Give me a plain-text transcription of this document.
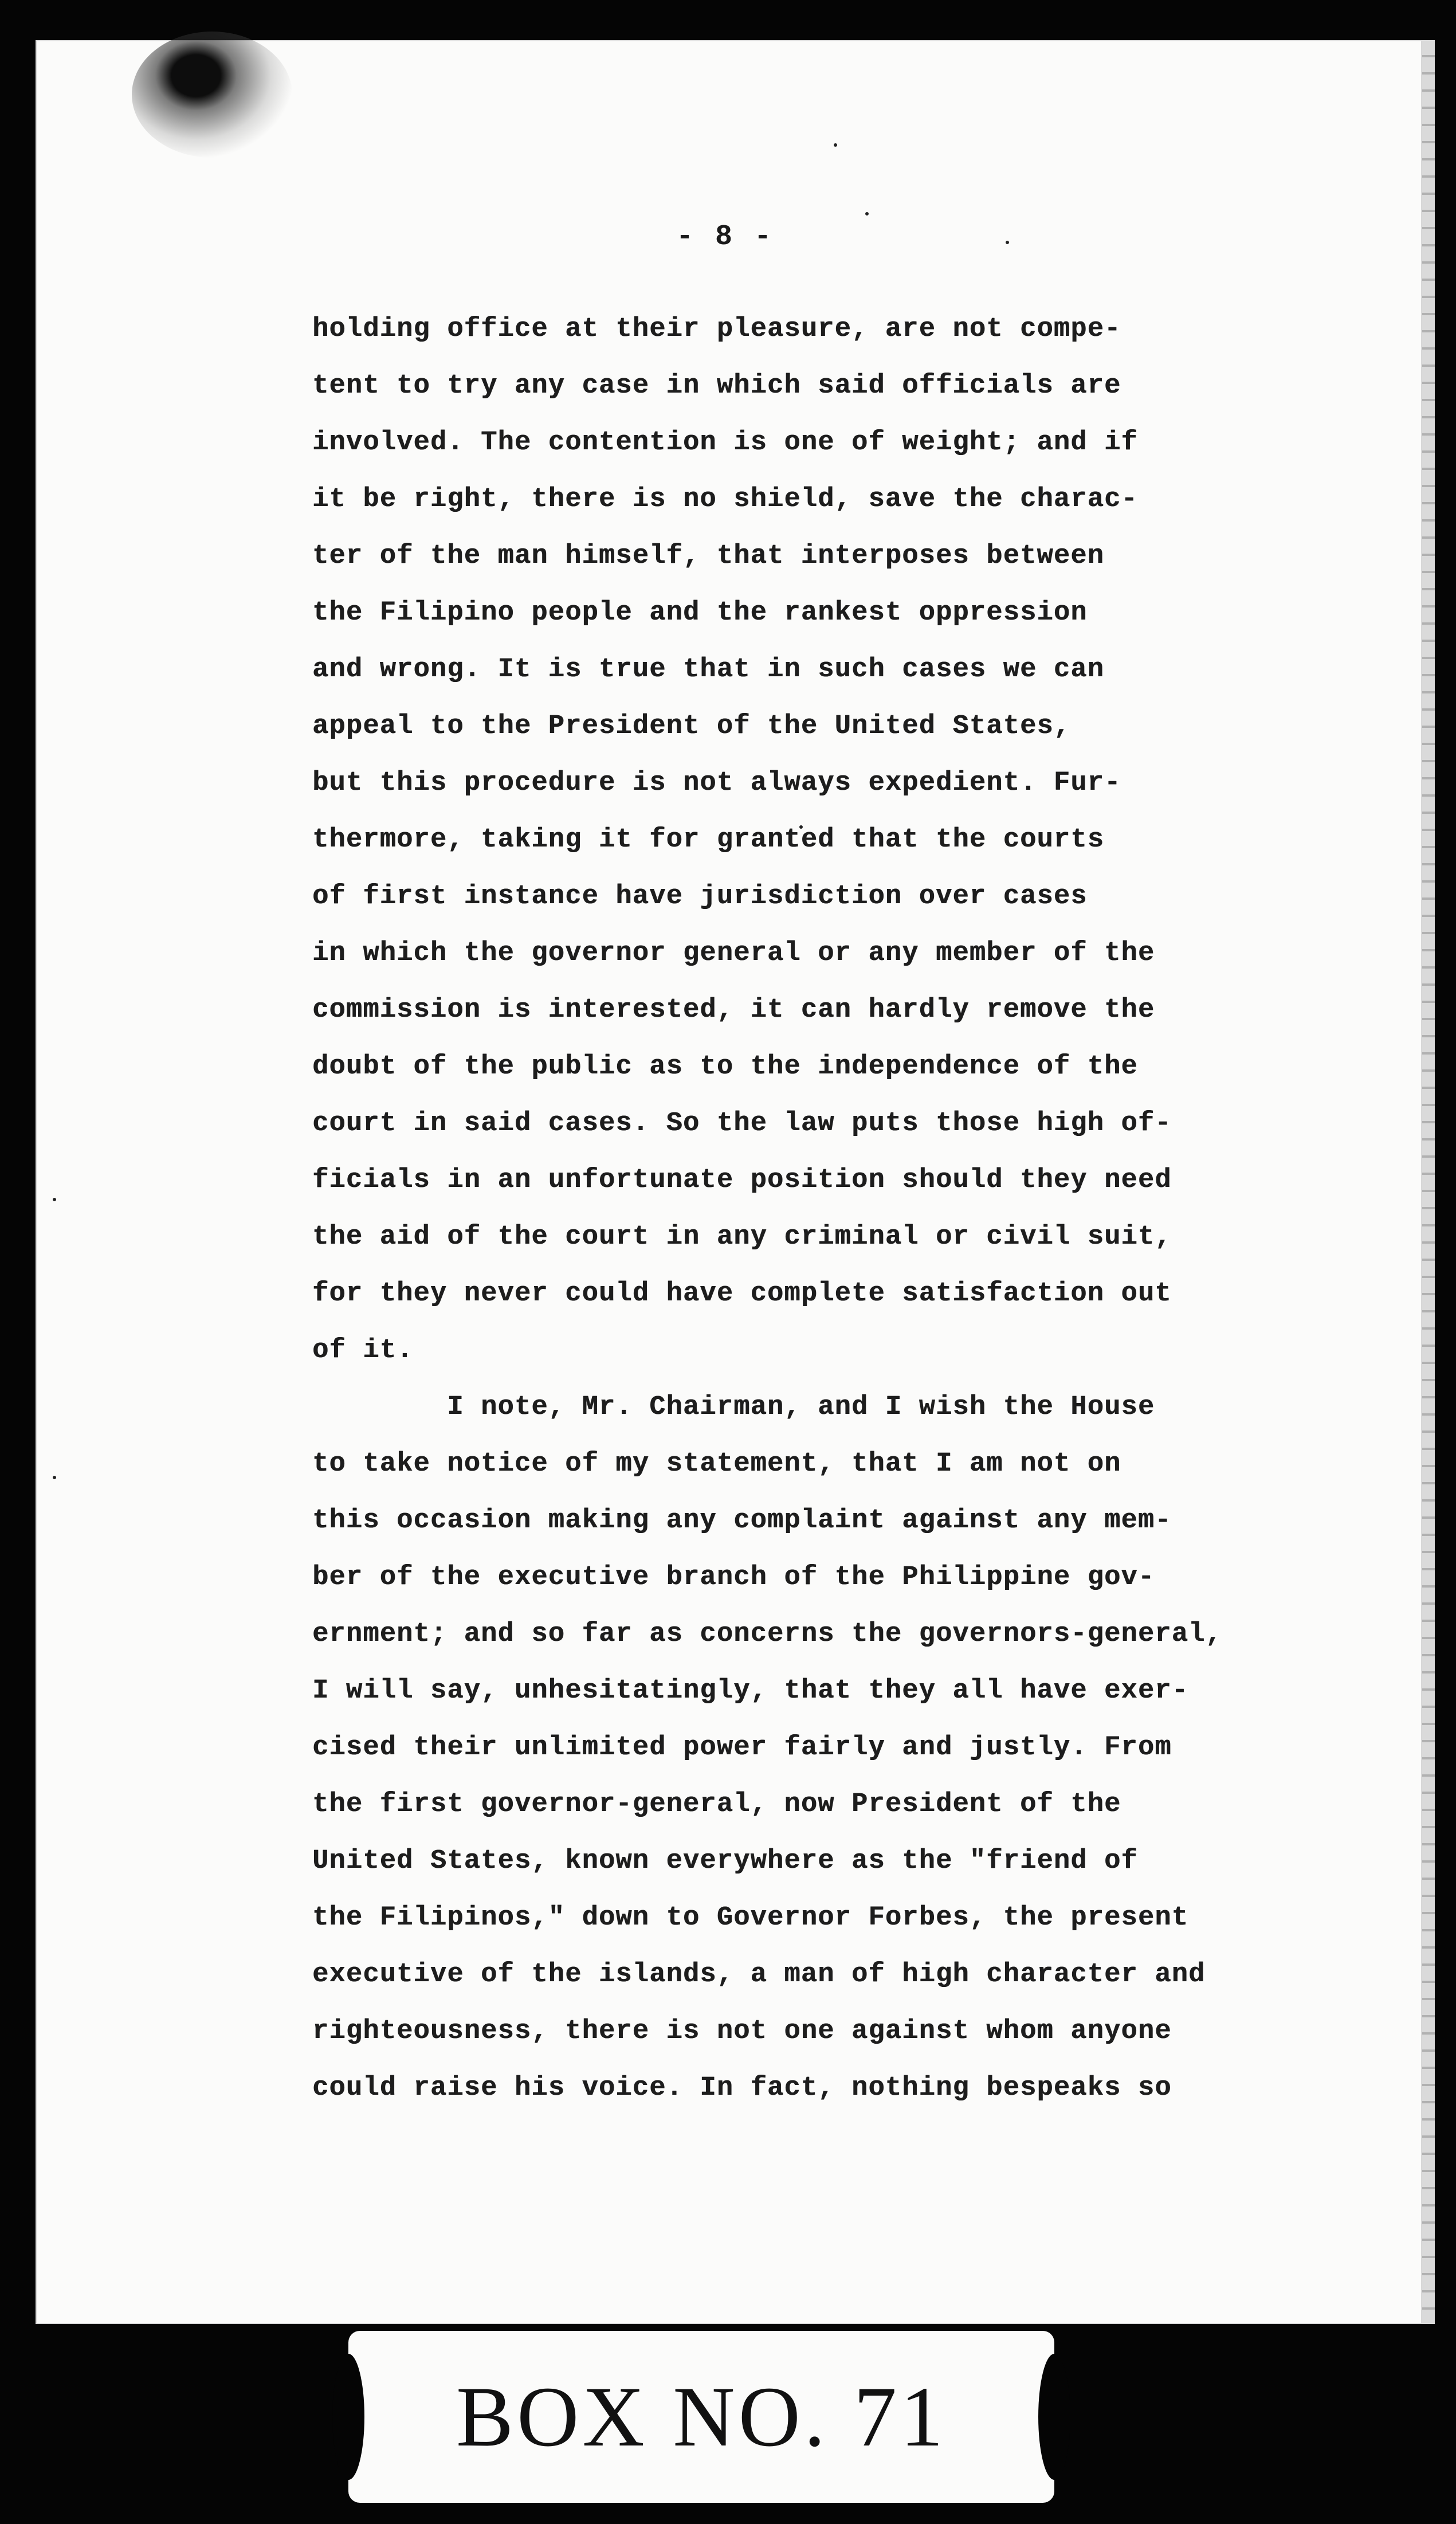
- 8 -
holding office at their pleasure, are not compe-
tent to try any case in which said officials are
involved. The contention is one of weight; and if
it be right, there is no shield, save the charac-
ter of the man himself, that interposes between
the Filipino people and the rankest oppression
and wrong. It is true that in such cases we can
appeal to the President of the United States,
but this procedure is not always expedient. Fur-
thermore, taking it for granted that the courts
of first instance have jurisdiction over cases
in which the governor general or any member of the
commission is interested, it can hardly remove the
doubt of the public as to the independence of the
court in said cases. So the law puts those high of-
ficials in an unfortunate position should they need
the aid of the court in any criminal or civil suit,
for they never could have complete satisfaction out
of it.
I note, Mr. Chairman, and I wish the House
to take notice of my statement, that I am not on
this occasion making any complaint against any mem-
ber of the executive branch of the Philippine gov-
ernment; and so far as concerns the governors-general,
I will say, unhesitatingly, that they all have exer-
cised their unlimited power fairly and justly. From
the first governor-general, now President of the
United States, known everywhere as the "friend of
the Filipinos," down to Governor Forbes, the present
executive of the islands, a man of high character and
righteousness, there is not one against whom anyone
could raise his voice. In fact, nothing bespeaks so
BOX NO. 71
